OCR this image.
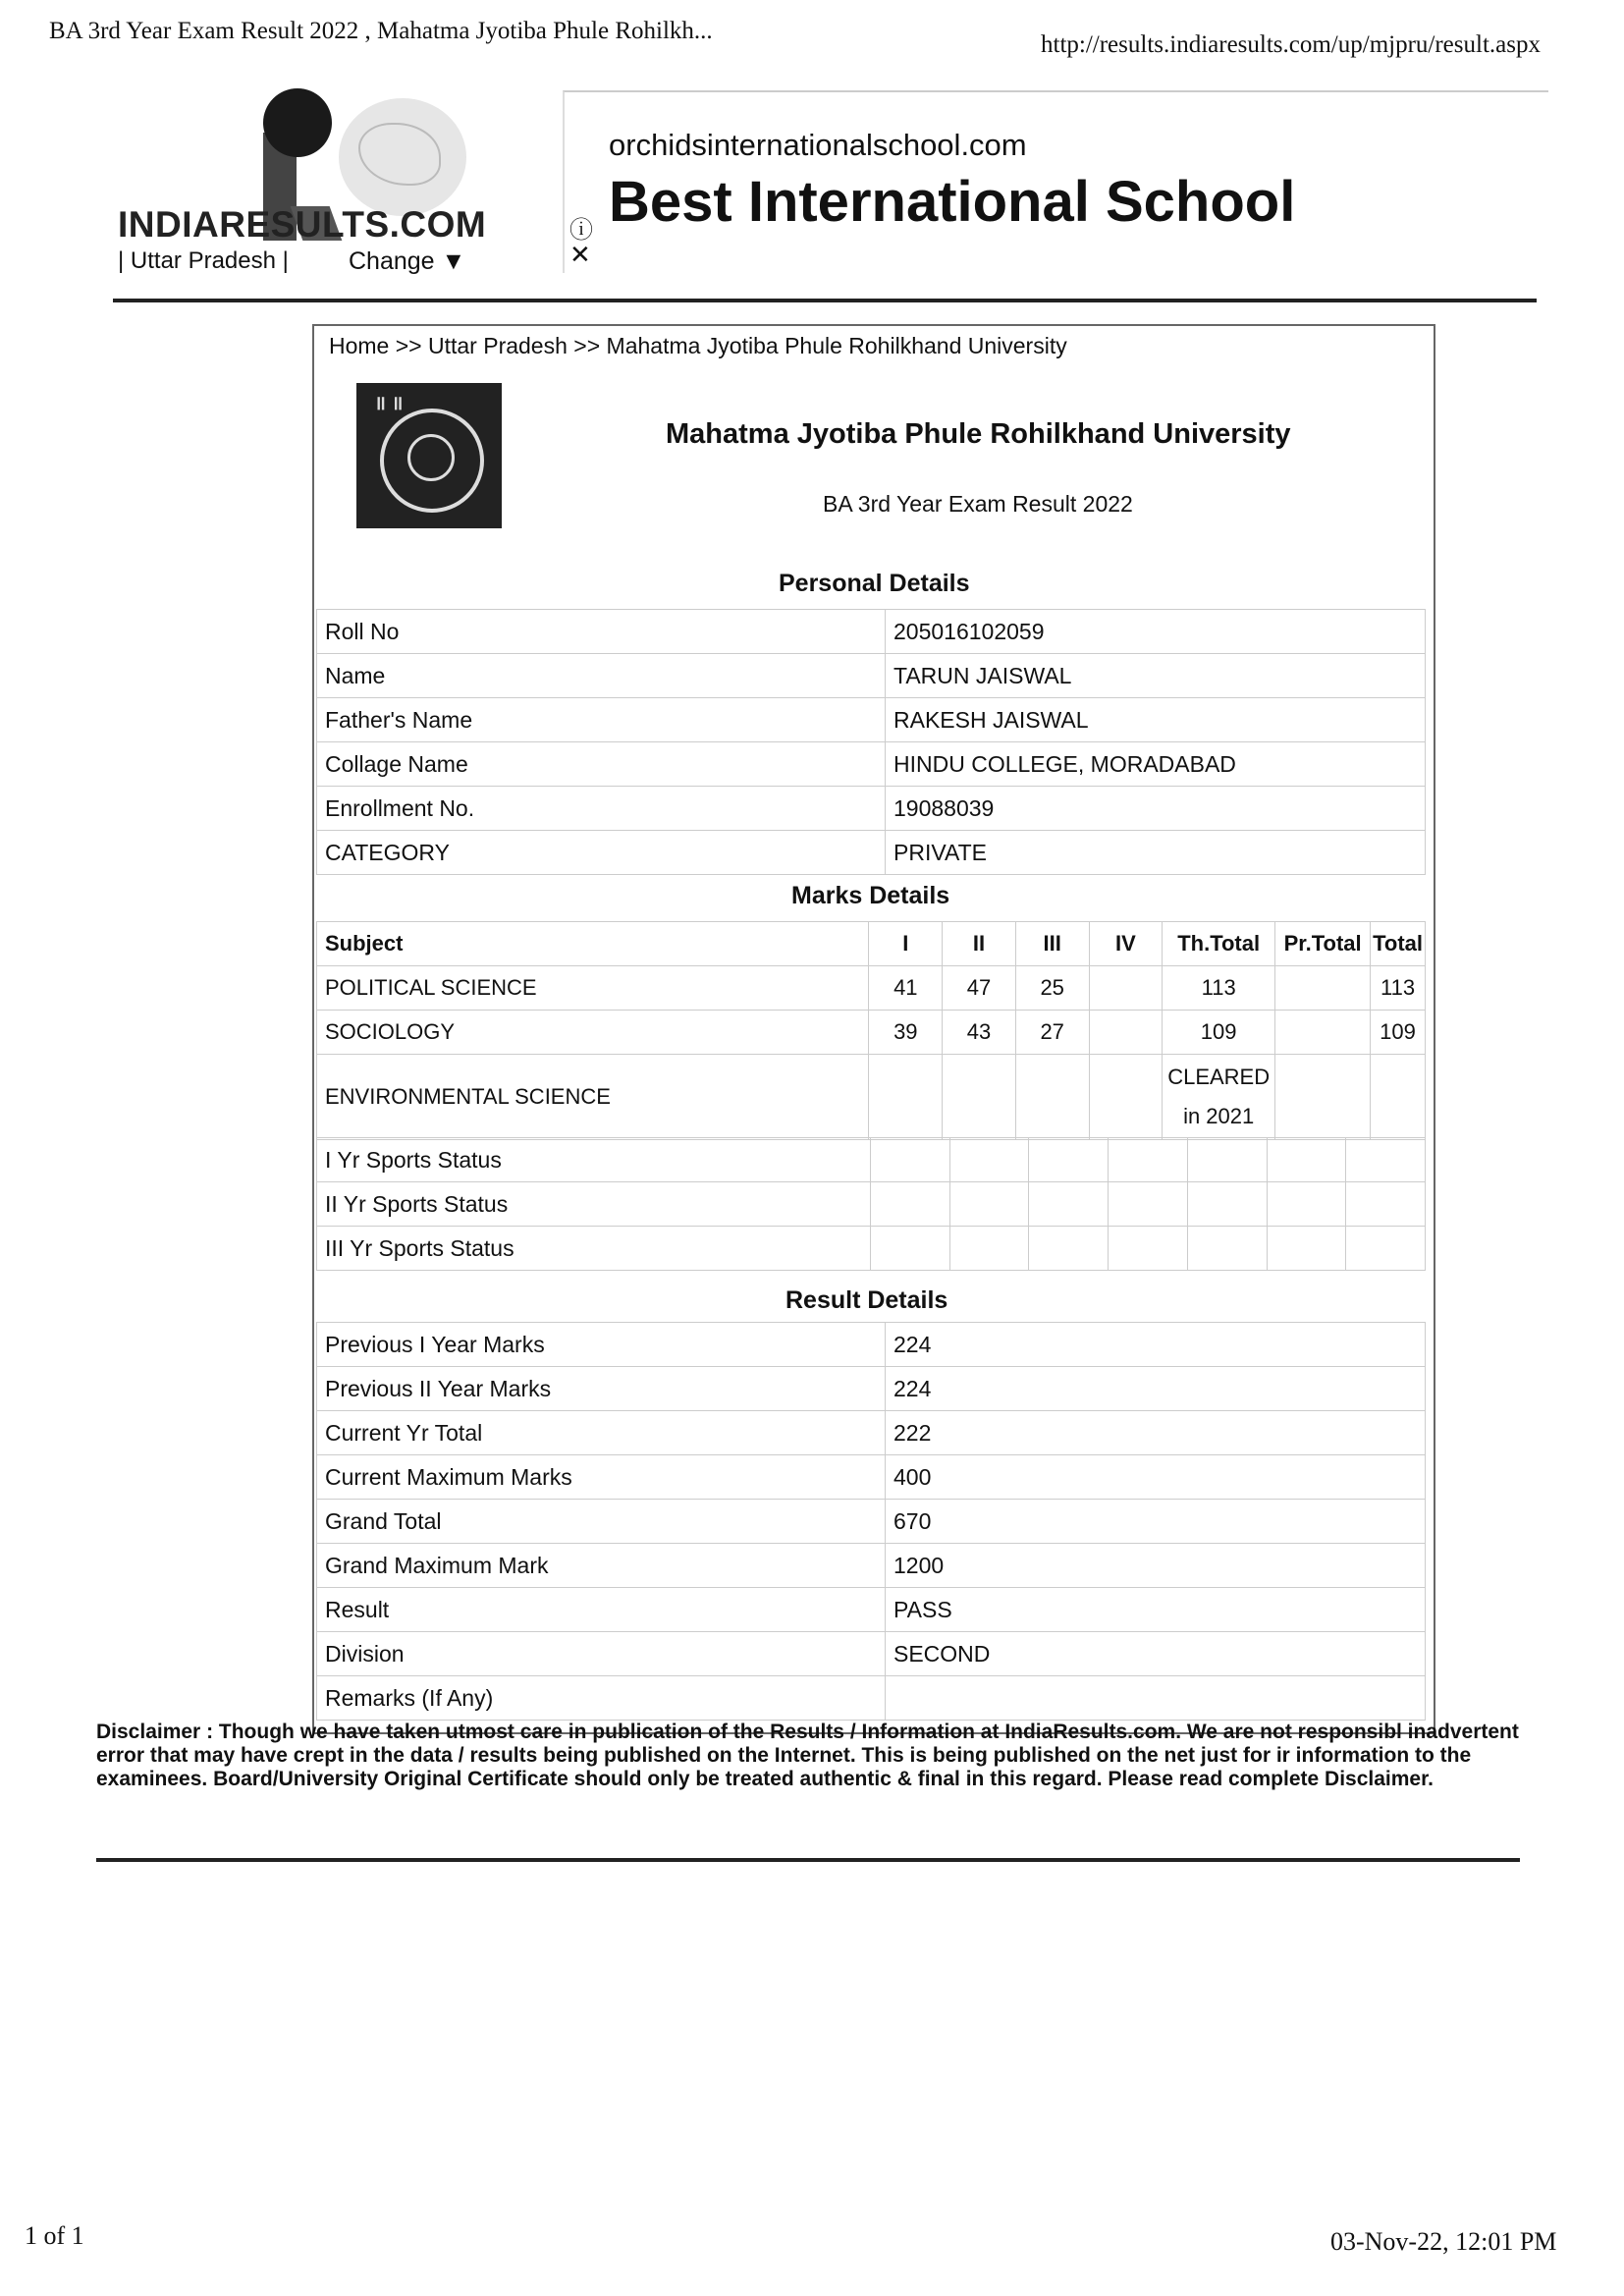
BA 3rd Year Exam Result 2022 , Mahatma Jyotiba Phule Rohilkh...
http://results.indiaresults.com/up/mjpru/result.aspx
INDIARESULTS.COM
| Uttar Pradesh | Change ▼
orchidsinternationalschool.com
Best International School
ⓘ
✕
Home >> Uttar Pradesh >> Mahatma Jyotiba Phule Rohilkhand University
॥ ॥
Mahatma Jyotiba Phule Rohilkhand University
BA 3rd Year Exam Result 2022
Personal Details
Roll No	205016102059
Name	TARUN JAISWAL
Father's Name	RAKESH JAISWAL
Collage Name	HINDU COLLEGE, MORADABAD
Enrollment No.	19088039
CATEGORY	PRIVATE
Marks Details
Subject	I	II	III	IV	Th.Total	Pr.Total	Total
POLITICAL SCIENCE	41	47	25		113		113
SOCIOLOGY	39	43	27		109		109
ENVIRONMENTAL SCIENCE					CLEARED
in 2021		

I Yr Sports Status							
II Yr Sports Status							
III Yr Sports Status							
Result Details
Previous I Year Marks	224
Previous II Year Marks	224
Current Yr Total	222
Current Maximum Marks	400
Grand Total	670
Grand Maximum Mark	1200
Result	PASS
Division	SECOND
Remarks (If Any)	
Disclaimer : Though we have taken utmost care in publication of the Results / Information at IndiaResults.com. We are not responsibl inadvertent error that may have crept in the data / results being published on the Internet. This is being published on the net just for ir information to the examinees. Board/University Original Certificate should only be treated authentic & final in this regard. Please read complete Disclaimer.
1 of 1	03-Nov-22, 12:01 PM
